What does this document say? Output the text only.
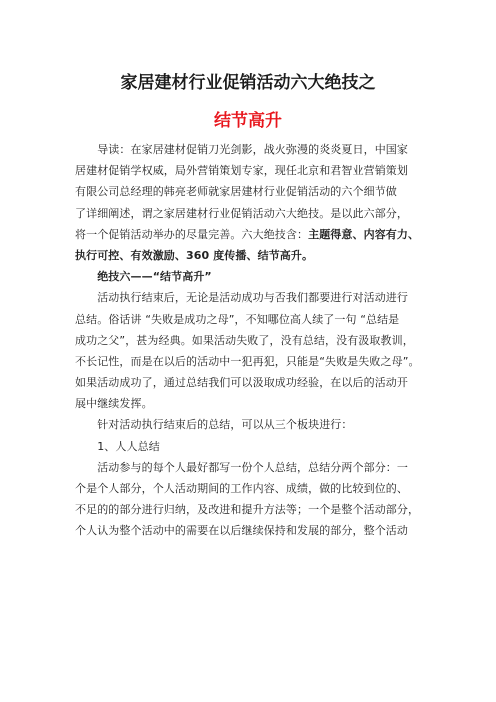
家居建材行业促销活动六大绝技之
结节高升
　　导读：在家居建材促销刀光剑影，战火弥漫的炎炎夏日，中国家
居建材促销学权威，局外营销策划专家，现任北京和君智业营销策划
有限公司总经理的韩亮老师就家居建材行业促销活动的六个细节做
了详细阐述，谓之家居建材行业促销活动六大绝技。是以此六部分，
将一个促销活动举办的尽量完善。六大绝技含：主题得意、内容有力、
执行可控、有效激励、360 度传播、结节高升。
　　绝技六——“结节高升”
　　活动执行结束后，无论是活动成功与否我们都要进行对活动进行
总结。俗话讲 “失败是成功之母”，不知哪位高人续了一句 “总结是
成功之父”，甚为经典。如果活动失败了，没有总结，没有汲取教训，
不长记性，而是在以后的活动中一犯再犯，只能是“失败是失败之母”。
如果活动成功了，通过总结我们可以汲取成功经验，在以后的活动开
展中继续发挥。
　　针对活动执行结束后的总结，可以从三个板块进行：
　　1、人人总结
　　活动参与的每个人最好都写一份个人总结，总结分两个部分：一
个是个人部分，个人活动期间的工作内容、成绩，做的比较到位的、
不足的的部分进行归纳，及改进和提升方法等；一个是整个活动部分，
个人认为整个活动中的需要在以后继续保持和发展的部分，整个活动
